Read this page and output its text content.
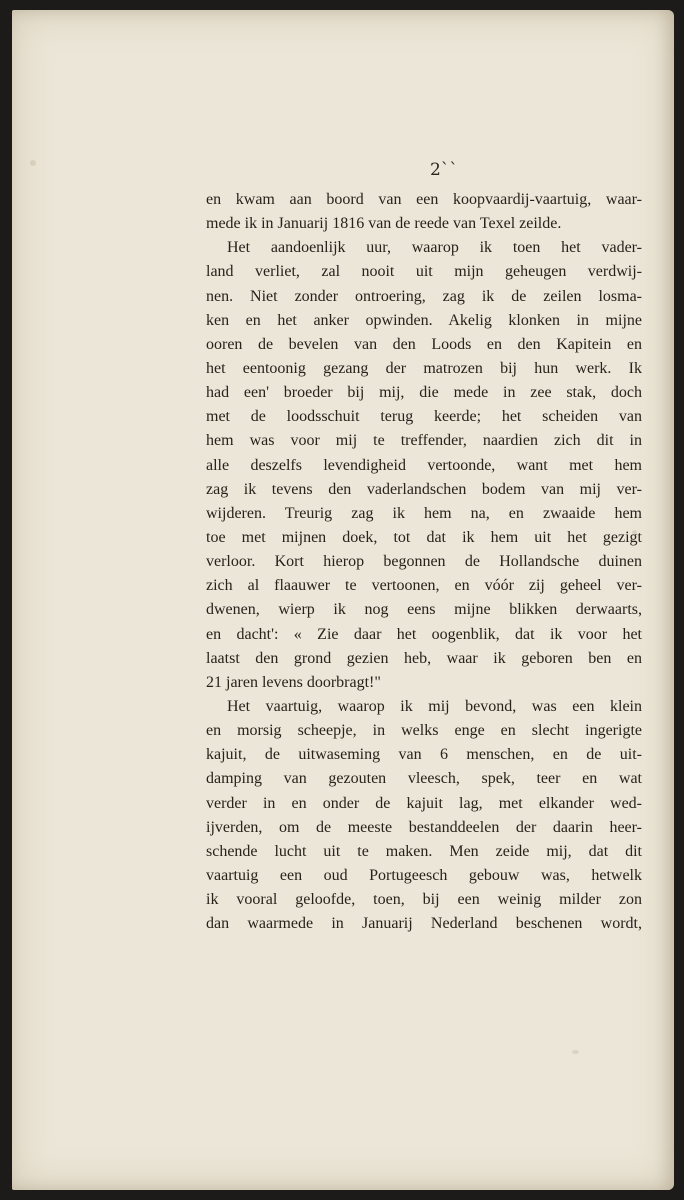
2``
en kwam aan boord van een koopvaardij-vaartuig, waar-
mede ik in Januarij 1816 van de reede van Texel zeilde.
Het aandoenlijk uur, waarop ik toen het vader-
land verliet, zal nooit uit mijn geheugen verdwij-
nen. Niet zonder ontroering, zag ik de zeilen losma-
ken en het anker opwinden. Akelig klonken in mijne
ooren de bevelen van den Loods en den Kapitein en
het eentoonig gezang der matrozen bij hun werk. Ik
had een' broeder bij mij, die mede in zee stak, doch
met de loodsschuit terug keerde; het scheiden van
hem was voor mij te treffender, naardien zich dit in
alle deszelfs levendigheid vertoonde, want met hem
zag ik tevens den vaderlandschen bodem van mij ver-
wijderen. Treurig zag ik hem na, en zwaaide hem
toe met mijnen doek, tot dat ik hem uit het gezigt
verloor. Kort hierop begonnen de Hollandsche duinen
zich al flaauwer te vertoonen, en vóór zij geheel ver-
dwenen, wierp ik nog eens mijne blikken derwaarts,
en dacht': « Zie daar het oogenblik, dat ik voor het
laatst den grond gezien heb, waar ik geboren ben en
21 jaren levens doorbragt!"
Het vaartuig, waarop ik mij bevond, was een klein
en morsig scheepje, in welks enge en slecht ingerigte
kajuit, de uitwaseming van 6 menschen, en de uit-
damping van gezouten vleesch, spek, teer en wat
verder in en onder de kajuit lag, met elkander wed-
ijverden, om de meeste bestanddeelen der daarin heer-
schende lucht uit te maken. Men zeide mij, dat dit
vaartuig een oud Portugeesch gebouw was, hetwelk
ik vooral geloofde, toen, bij een weinig milder zon
dan waarmede in Januarij Nederland beschenen wordt,
